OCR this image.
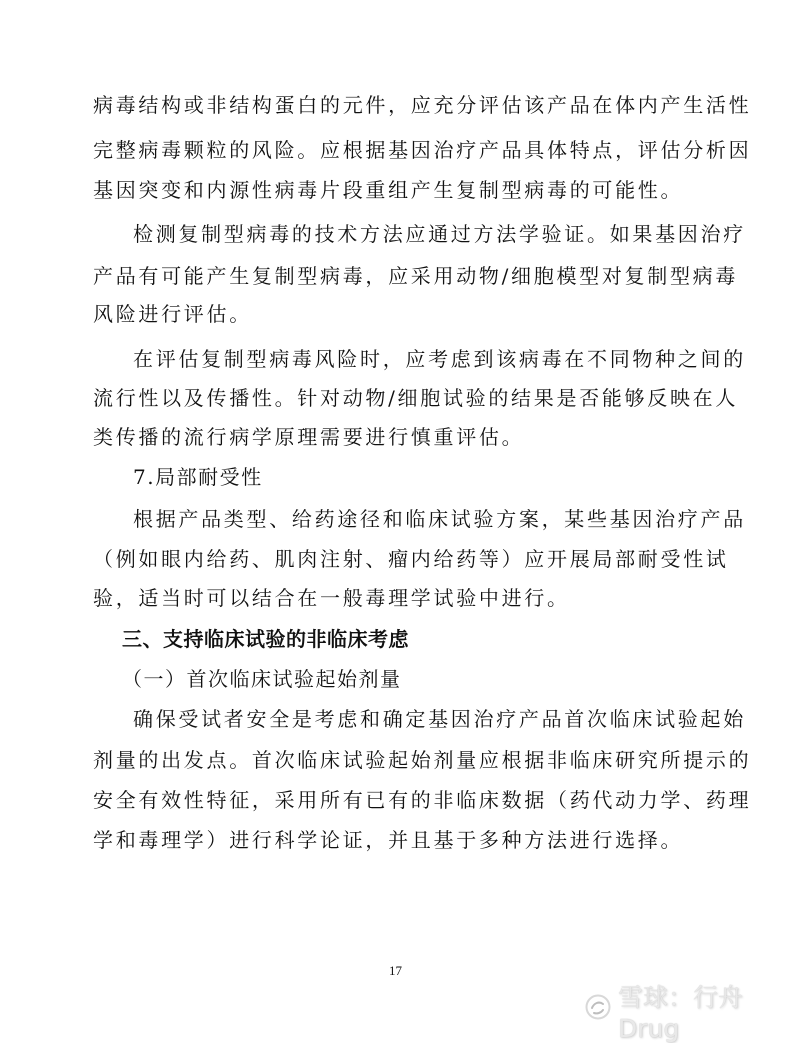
病毒结构或非结构蛋白的元件，应充分评估该产品在体内产生活性
完整病毒颗粒的风险。应根据基因治疗产品具体特点，评估分析因
基因突变和内源性病毒片段重组产生复制型病毒的可能性。
检测复制型病毒的技术方法应通过方法学验证。如果基因治疗
产品有可能产生复制型病毒，应采用动物/细胞模型对复制型病毒
风险进行评估。
在评估复制型病毒风险时，应考虑到该病毒在不同物种之间的
流行性以及传播性。针对动物/细胞试验的结果是否能够反映在人
类传播的流行病学原理需要进行慎重评估。
7.局部耐受性
根据产品类型、给药途径和临床试验方案，某些基因治疗产品
（例如眼内给药、肌肉注射、瘤内给药等）应开展局部耐受性试
验，适当时可以结合在一般毒理学试验中进行。
三、支持临床试验的非临床考虑
（一）首次临床试验起始剂量
确保受试者安全是考虑和确定基因治疗产品首次临床试验起始
剂量的出发点。首次临床试验起始剂量应根据非临床研究所提示的
安全有效性特征，采用所有已有的非临床数据（药代动力学、药理
学和毒理学）进行科学论证，并且基于多种方法进行选择。
17
雪球：行舟Drug
